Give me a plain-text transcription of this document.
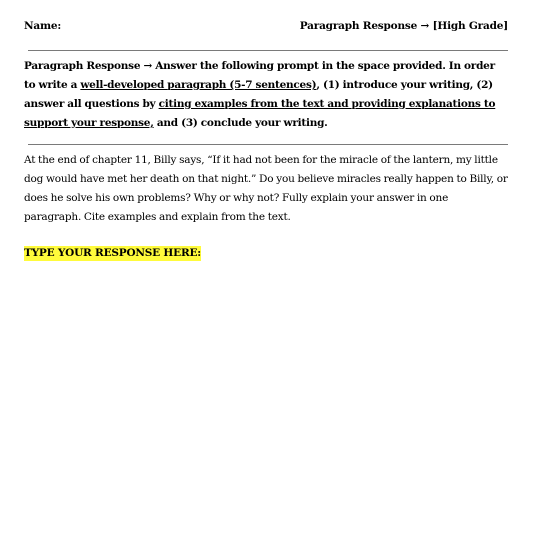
Name:	Paragraph Response → [High Grade]
Paragraph Response → Answer the following prompt in the space provided. In order to write a well-developed paragraph (5-7 sentences), (1) introduce your writing, (2) answer all questions by citing examples from the text and providing explanations to support your response, and (3) conclude your writing.
At the end of chapter 11, Billy says, “If it had not been for the miracle of the lantern, my little dog would have met her death on that night.” Do you believe miracles really happen to Billy, or does he solve his own problems? Why or why not? Fully explain your answer in one paragraph. Cite examples and explain from the text.
TYPE YOUR RESPONSE HERE:
